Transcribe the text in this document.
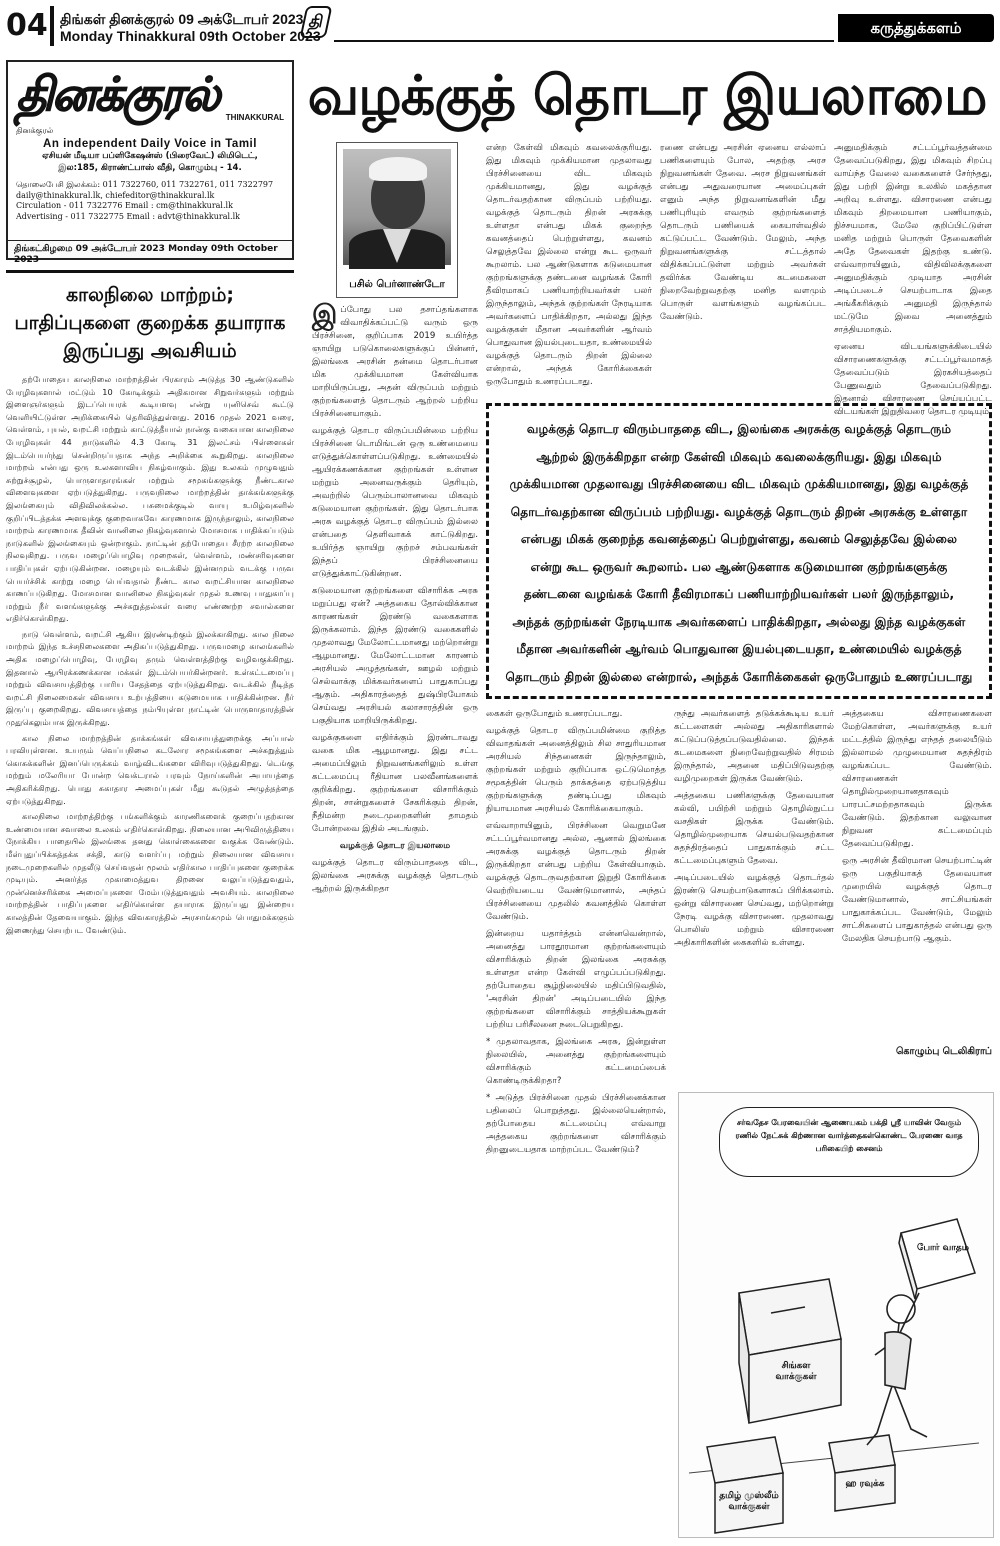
04 திங்கள் தினக்குரல் 09 அக்டோபர் 2023
Monday Thinakkural 09th October 2023
தி	கருத்துக்களம்
தினக்குரல் THINAKKURAL
தினக்குரல்
An independent Daily Voice in Tamil
ஏசியன் மீடியா பப்ளிகேஷன்ஸ் (பிரைவேட்) லிமிடெட்,
இல:185, கிராண்ட்பாஸ் வீதி, கொழும்பு - 14.
தொலைபேசி இலக்கம்: 011 7322760, 011 7322761, 011 7322797
daily@thinakkural.lk, chiefeditor@thinakkural.lk
Circulation - 011 7322776 Email : cm@thinakkural.lk
Advertising - 011 7322775 Email : advt@thinakkural.lk
திங்கட்கிழமை 09 அக்டோபர் 2023 Monday 09th October 2023
காலநிலை மாற்றம்; பாதிப்புகளை குறைக்க தயாராக இருப்பது அவசியம்

தற்போதைய காலநிலை மாற்றத்தின் பிரகாரம் அடுத்த 30 ஆண்டுகளில் பேரழிவுகளால் மட்டும் 10 கோடிக்கும் அதிகமான சிறுவர்களும் மற்றும் இளைஞர்களும் இடப்பெயரக் கூடியளவு என்று யுனிசெவ் கூட்டு வெளியிட்டுள்ள அறிக்கையில் தெரிவித்துள்ளது. 2016 முதல் 2021 வரை, வெள்ளம், புயல், வறட்சி மற்றும் காட்டுத்தீயால் நான்கு வகையான காலநிலை பேரழிவுகள் 44 நாடுகளில் 4.3 கோடி 31 இலட்சம் பிள்ளைகள் இடம்பெயர்ந்து சென்றிருப்பதாக அந்த அறிக்கை கூறுகிறது. காலநிலை மாற்றம் என்பது ஒரு உலகளாவிய நிகழ்வாகும். இது உலகம் முழுவதும் சுற்றுச்சூழல், பொருளாதாரங்கள் மற்றும் சமூகங்களுக்கு நீண்டகால விளைவுகளை ஏற்படுத்துகிறது. பருவநிலை மாற்றத்தின் தாக்கங்களுக்கு இலங்கையும் விதிவிலக்கல்ல. பசுமைக்குடில் வாயு உமிழ்வுகளில் குறிப்பிடத்தக்க அளவுக்கு குறைவாகவே காரணமாக இருந்தாலும், காலநிலை மாற்றம் காரணமாக தீவின் வானிலை நிகழ்வுகளால் மோசமாக பாதிக்கப்படும் நாடுகளில் இலங்கையும் ஒன்றாகும். நாட்டின் தற்போதைய சீரற்ற காலநிலை நிலவுகிறது. பருவ மழைப்பொழிவு முறைகள், வெள்ளம், மண்சரிவுகளை பாதிப்புகள் ஏற்படுகின்றன. மழையும் வடக்கில் இன்னமும் வடக்கு பருவ பெயர்ச்சிக் காற்று மழை பெய்வதால் நீண்ட கால வறட்சியான காலநிலை காணப்படுகிறது. மோசமான வானிலை நிகழ்வுகள் முதல் உணவு பாதுகாப்பு மற்றும் நீர் வளங்களுக்கு அச்சுறுத்தல்கள் வரை எண்ணற்ற சவால்களை எதிர்கொள்கிறது.

நாடு வெள்ளம், வறட்சி ஆகிய இரண்டிற்கும் இலக்காகிறது. கால நிலை மாற்றம் இந்த உச்சநிலைகளை அதிகப்படுத்துகிறது. பருவமழை காலங்களில் அதிக மழைப்பொழிவு, பேரழிவு தரும் வெள்ளத்திற்கு வழிவகுக்கிறது. இதனால் ஆயிரக்கணக்கான மக்கள் இடம்பெயர்கின்றனர். உள்கட்டமைப்பு மற்றும் விவசாயத்திற்கு பாரிய சேதத்தை ஏற்படுத்துகிறது. வடக்கில் நீடித்த வறட்சி நிலைமைகள் விவசாய உற்பத்தியை கடுமையாக பாதிக்கின்றன. நீர் இருப்பு குறைகிறது. விவசாயத்தை நம்பியுள்ள நாட்டின் பொருளாதாரத்தின் முதுகெலும்பாக இருக்கிறது.

கால நிலை மாற்றத்தின் தாக்கங்கள் விவசாயத்துறைக்கு அப்பால் பரவியுள்ளன. உயரும் வெப்பநிலை கடலோர சமூகங்களை அச்சுறுத்தும் கொசுக்களின் இனப்பெருக்கம் வாழ்விடங்களை விரிவுபடுத்துகிறது. டெங்கு மற்றும் மலேரியா போன்ற வெக்டரால் பரவும் நோய்களின் அபாயத்தை அதிகரிக்கிறது. பொது சுகாதார அமைப்புகள் மீது கூடுதல் அழுத்தத்தை ஏற்படுத்துகிறது.

காலநிலை மாற்றத்திற்கு பங்களிக்கும் காரணிகளைக் குறைப்பதற்கான உண்மையான சவாலை உலகம் எதிர்கொள்கிறது. நிலையான அபிவிருத்தியை நோக்கிய பாதையில் இலங்கை தனது கொள்கைகளை வகுக்க வேண்டும். மீள்புதுப்பிக்கத்தக்க சக்தி, காடு வளர்ப்பு மற்றும் நிலையான விவசாய நடைமுறைகளில் முதலீடு செய்வதன் மூலம் எதிர்கால பாதிப்புகளை குறைக்க முடியும். அனர்த்த முகாமைத்துவ திறனை வலுப்படுத்துவதும், முன்னெச்சரிக்கை அமைப்புகளை மேம்படுத்துவதும் அவசியம். காலநிலை மாற்றத்தின் பாதிப்புகளை எதிர்கொள்ள தயாராக இருப்பது இன்றைய காலத்தின் தேவையாகும். இந்த விவகாரத்தில் அரசாங்கமும் பொதுமக்களும் இணைந்து செயற்பட வேண்டும்.

வழக்குத் தொடர இயலாமை
பசில் பெர்னாண்டோ

இப்போது பல தசாப்தங்களாக விவாதிக்கப்பட்டு வரும் ஒரு பிரச்சினை, குறிப்பாக 2019 உயிர்த்த ஞாயிறு படுகொலைகளுக்குப் பின்னர், இலங்கை அரசின் தன்மை தொடர்பான மிக முக்கியமான கேள்வியாக மாறியிருப்பது, அதன் விருப்பம் மற்றும் குற்றங்களைத் தொடரும் ஆற்றல் பற்றிய பிரச்சினையாகும்.

வழக்குத் தொடர விருப்பமின்மை பற்றிய பிரச்சினை டொமிங்டன் ஒரு உண்மையை எடுத்துக்கொள்ளப்படுகிறது. உண்மையில் ஆயிரக்கணக்கான குற்றங்கள் உள்ளன மற்றும் அனைவருக்கும் தெரியும், அவற்றில் பெரும்பாலானவை மிகவும் கடுமையான குற்றங்கள். இது தொடர்பாக அரசு வழக்குத் தொடர விருப்பம் இல்லை என்பதை தெளிவாகக் காட்டுகிறது. உயிர்த்த ஞாயிறு குற்றச் சம்பவங்கள் இந்தப் பிரச்சினையை எடுத்துக்காட்டுகின்றன.

கடுமையான குற்றங்களை விசாரிக்க அரசு மறுப்பது ஏன்? அத்தகைய தோல்விக்கான காரணங்கள் இரண்டு வகைகளாக இருக்கலாம். இந்த இரண்டு வகைகளில் முதலாவது மேலோட்டமானது மற்றொன்று ஆழமானது. மேலோட்டமான காரணம் அரசியல் அழுத்தங்கள், ஊழல் மற்றும் செல்வாக்கு மிக்கவர்களைப் பாதுகாப்பது ஆகும். அதிகாரத்தைத் துஷ்பிரயோகம் செய்வது அரசியல் கலாசாரத்தின் ஒரு பகுதியாக மாறியிருக்கிறது.

வழக்குகளை எதிர்க்கும் இரண்டாவது வகை மிக ஆழமானது. இது சட்ட அமைப்பிலும் நிறுவனங்களிலும் உள்ள கட்டமைப்பு ரீதியான பலவீனங்களைக் குறிக்கிறது. குற்றங்களை விசாரிக்கும் திறன், சான்றுகளைச் சேகரிக்கும் திறன், நீதிமன்ற நடைமுறைகளின் தாமதம் போன்றவை இதில் அடங்கும்.

வழக்குத் தொடர இயலாமை

வழக்குத் தொடர விரும்பாததை விட, இலங்கை அரசுக்கு வழக்குத் தொடரும் ஆற்றல் இருக்கிறதா

என்ற கேள்வி மிகவும் கவலைக்குரியது. இது மிகவும் முக்கியமான முதலாவது பிரச்சினையை விட மிகவும் முக்கியமானது, இது வழக்குத் தொடர்வதற்கான விருப்பம் பற்றியது. வழக்குத் தொடரும் திறன் அரசுக்கு உள்ளதா என்பது மிகக் குறைந்த கவனத்தைப் பெற்றுள்ளது, கவனம் செலுத்தவே இல்லை என்று கூட ஒருவர் கூறலாம். பல ஆண்டுகளாக கடுமையான குற்றங்களுக்கு தண்டனை வழங்கக் கோரி தீவிரமாகப் பணியாற்றியவர்கள் பலர் இருந்தாலும், அந்தக் குற்றங்கள் நேரடியாக அவர்களைப் பாதிக்கிறதா, அல்லது இந்த வழக்குகள் மீதான அவர்களின் ஆர்வம் பொதுவான இயல்புடையதா, உண்மையில் வழக்குத் தொடரும் திறன் இல்லை என்றால், அந்தக் கோரிக்கைகள் ஒருபோதும் உணரப்படாது.

ரணை என்பது அரசின் ஏனைய எல்லாப் பணிகளையும் போல, அதற்கு அரச நிறுவனங்கள் தேவை. அரச நிறுவனங்கள் என்பது அதுவரையான அமைப்புகள் எனும் அந்த நிறுவனங்களின் மீது பணிபுரியும் எவரும் குற்றங்களைத் தொடரும் பணியைக் கையாள்வதில் கட்டுப்பட்ட வேண்டும். மேலும், அந்த நிறுவனங்களுக்கு சட்டத்தால் விதிக்கப்பட்டுள்ள மற்றும் அவர்கள் தவிர்க்க வேண்டிய கடமைகளை நிறைவேற்றுவதற்கு மனித வளமும் பொருள் வளங்களும் வழங்கப்பட வேண்டும்.

அனுமதிக்கும் சட்டப்பூர்வத்தன்மை தேவைப்படுகிறது, இது மிகவும் சிறப்பு வாய்ந்த வேலை வகைகளைச் சேர்ந்தது, இது பற்றி இன்று உலகில் மகத்தான அறிவு உள்ளது. விசாரணை என்பது மிகவும் திறமையான பணியாகும், நிச்சயமாக, மேலே குறிப்பிட்டுள்ள மனித மற்றும் பொருள் தேவைகளின் அதே தேவைகள் இதற்கு உண்டு. எவ்வாறாயினும், விதிவிலக்குகளை அனுமதிக்கும் முடியாத அரசின் அடிப்படைச் செயற்பாடாக இதை அங்கீகரிக்கும் அனுமதி இருந்தால் மட்டுமே இவை அனைத்தும் சாத்தியமாகும்.

ஏனைய விடயங்களுக்கிடையில் விசாரணைகளுக்கு சட்டப்பூர்வமாகத் தேவைப்படும் இரகசியத்தைப் பேணுவதும் தேவைப்படுகிறது. இதனால் விசாரணை செய்யப்பட்ட விடயங்கள் இறுதிவரை தொடர முடியும்.

வழக்குத் தொடர விரும்பாததை விட, இலங்கை அரசுக்கு வழக்குத் தொடரும் ஆற்றல் இருக்கிறதா என்ற கேள்வி மிகவும் கவலைக்குரியது. இது மிகவும் முக்கியமான முதலாவது பிரச்சினையை விட மிகவும் முக்கியமானது, இது வழக்குத் தொடர்வதற்கான விருப்பம் பற்றியது. வழக்குத் தொடரும் திறன் அரசுக்கு உள்ளதா என்பது மிகக் குறைந்த கவனத்தைப் பெற்றுள்ளது, கவனம் செலுத்தவே இல்லை என்று கூட ஒருவர் கூறலாம். பல ஆண்டுகளாக கடுமையான குற்றங்களுக்கு தண்டனை வழங்கக் கோரி தீவிரமாகப் பணியாற்றியவர்கள் பலர் இருந்தாலும், அந்தக் குற்றங்கள் நேரடியாக அவர்களைப் பாதிக்கிறதா, அல்லது இந்த வழக்குகள் மீதான அவர்களின் ஆர்வம் பொதுவான இயல்புடையதா, உண்மையில் வழக்குத் தொடரும் திறன் இல்லை என்றால், அந்தக் கோரிக்கைகள் ஒருபோதும் உணரப்படாது

கைகள் ஒருபோதும் உணரப்படாது.

வழக்குத் தொடர விருப்பமின்மை குறித்த விவாதங்கள் அனைத்திலும் சில சாதுரியமான அரசியல் சிந்தனைகள் இருந்தாலும், குற்றங்கள் மற்றும் குறிப்பாக ஒட்டுமொத்த சமூகத்தின் பெரும் தாக்கத்தை ஏற்படுத்திய குற்றங்களுக்கு தண்டிப்பது மிகவும் நியாயமான அரசியல் கோரிக்கையாகும்.

எவ்வாறாயினும், பிரச்சினை வெறுமனே சட்டப்பூர்வமானது அல்ல, ஆனால் இலங்கை அரசுக்கு வழக்குத் தொடரும் திறன் இருக்கிறதா என்பது பற்றிய கேள்வியாகும். வழக்குத் தொடருவதற்கான இறுதி கோரிக்கை வெற்றியடைய வேண்டுமானால், அந்தப் பிரச்சினையை முதலில் கவனத்தில் கொள்ள வேண்டும்.

இன்றைய யதார்த்தம் என்னவென்றால், அனைத்து பாரதூரமான குற்றங்களையும் விசாரிக்கும் திறன் இலங்கை அரசுக்கு உள்ளதா என்ற கேள்வி எழுப்பப்படுகிறது. தற்போதைய சூழ்நிலையில் மதிப்பிடுவதில், 'அரசின் திறன்' அடிப்படையில் இந்த குற்றங்களை விசாரிக்கும் சாத்தியக்கூறுகள் பற்றிய பரிசீலனை நடைபெறுகிறது.

* முதலாவதாக, இலங்கை அரசு, இன்றுள்ள நிலையில், அனைத்து குற்றங்களையும் விசாரிக்கும் கட்டமைப்பைக் கொண்டிருக்கிறதா?

* அடுத்த பிரச்சினை முதல் பிரச்சினைக்கான பதிலைப் பொறுத்தது. இல்லையென்றால், தற்போதைய கட்டமைப்பு எவ்வாறு அத்தகைய குற்றங்களை விசாரிக்கும் திறனுடையதாக மாற்றப்பட வேண்டும்?

ருந்து அவர்களைத் தடுக்கக்கூடிய உயர் கட்டளைகள் அல்லது அதிகாரிகளால் கட்டுப்படுத்தப்படுவதில்லை. இந்தக் கடமைகளை நிறைவேற்றுவதில் சிரமம் இருந்தால், அதனை மதிப்பிடுவதற்கு வழிமுறைகள் இருக்க வேண்டும்.

அத்தகைய பணிகளுக்கு தேவையான கல்வி, பயிற்சி மற்றும் தொழில்நுட்ப வசதிகள் இருக்க வேண்டும். தொழில்முறையாக செயல்படுவதற்கான சுதந்திரத்தைப் பாதுகாக்கும் சட்ட கட்டமைப்புகளும் தேவை.

அடிப்படையில் வழக்குத் தொடர்தல் இரண்டு செயற்பாடுகளாகப் பிரிக்கலாம். ஒன்று விசாரணை செய்வது, மற்றொன்று நேரடி வழக்கு விசாரணை. முதலாவது பொலிஸ் மற்றும் விசாரணை அதிகாரிகளின் கைகளில் உள்ளது.

அத்தகைய விசாரணைகளை மேற்கொள்ள, அவர்களுக்கு உயர் மட்டத்தில் இருந்து எந்தத் தலையீடும் இல்லாமல் முழுமையான சுதந்திரம் வழங்கப்பட வேண்டும். விசாரணைகள் தொழில்முறையானதாகவும் பாரபட்சமற்றதாகவும் இருக்க வேண்டும். இதற்கான வலுவான நிறுவன கட்டமைப்பும் தேவைப்படுகிறது.

ஒரு அரசின் தீவிரமான செயற்பாட்டின் ஒரு பகுதியாகத் தேவையான முறையில் வழக்குத் தொடர வேண்டுமானால், சாட்சியங்கள் பாதுகாக்கப்பட வேண்டும், மேலும் சாட்சிகளைப் பாதுகாத்தல் என்பது ஒரு மேலதிக செயற்பாடு ஆகும்.

கொழும்பு டெலிகிராப்
சர்வதேச பேரவையின் ஆணையகம் பக்தி ஸ்ரீ யாவின் வேகும் ரணில் நேட்சுக் கிற்ணான வார்த்தைகள்கொண்ட பேரணை வாத பரிகையிற் சைனம்
சிங்கள வாக்குகள்
போர் வாதம்
தமிழ் முஸ்லீம் வாக்குகள்
ஹ ரவுக்க
